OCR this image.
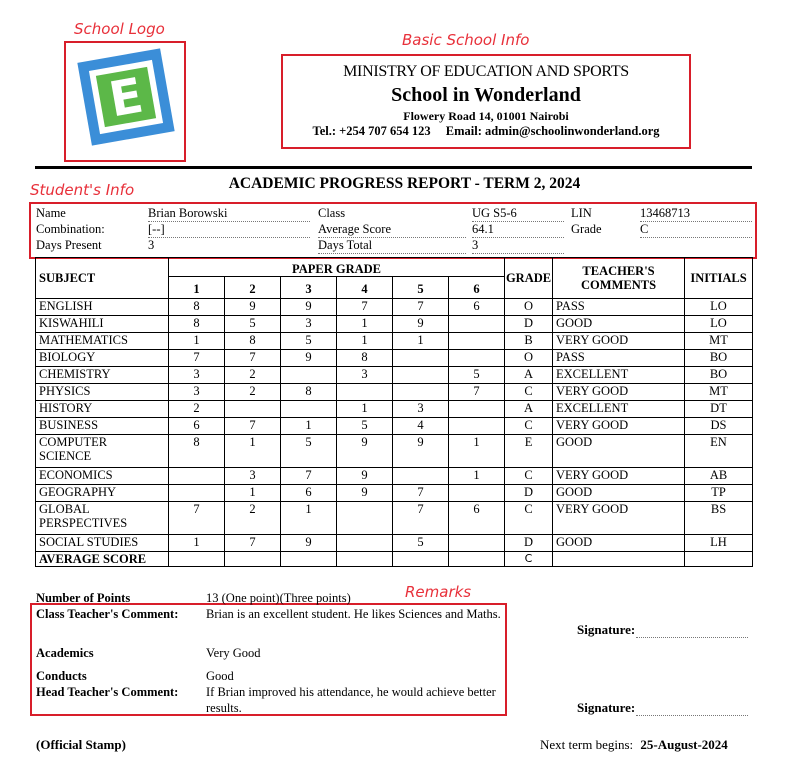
School Logo
Basic School Info
Student's Info
Remarks
E	MINISTRY OF EDUCATION AND SPORTS
School in Wonderland
Flowery Road 14, 01001 Nairobi
Tel.: +254 707 654 123 Email: admin@schoolinwonderland.org
ACADEMIC PROGRESS REPORT - TERM 2, 2024
Name	Brian Borowski
Combination:	[--]
Days Present	3
Class	UG S5-6
Average Score	64.1
Days Total	3
LIN	13468713
Grade	C
SUBJECT	PAPER GRADE						GRADE	TEACHER'S
COMMENTS	INITIALS
	1	2	3	4	5	6			

ENGLISH	8	9	9	7	7	6	O	PASS	LO

KISWAHILI	8	5	3	1	9		D	GOOD	LO

MATHEMATICS	1	8	5	1	1		B	VERY GOOD	MT

BIOLOGY	7	7	9	8			O	PASS	BO

CHEMISTRY	3	2		3		5	A	EXCELLENT	BO

PHYSICS	3	2	8			7	C	VERY GOOD	MT

HISTORY	2			1	3		A	EXCELLENT	DT

BUSINESS	6	7	1	5	4		C	VERY GOOD	DS

COMPUTER
SCIENCE	8	1	5	9	9	1	E	GOOD	EN

ECONOMICS		3	7	9		1	C	VERY GOOD	AB

GEOGRAPHY		1	6	9	7		D	GOOD	TP

GLOBAL
PERSPECTIVES	7	2	1		7	6	C	VERY GOOD	BS

SOCIAL STUDIES	1	7	9		5		D	GOOD	LH
AVERAGE SCORE							C		
Number of Points	13 (One point)(Three points)
Class Teacher's Comment: Brian is an excellent student. He likes Sciences and Maths.
Academics	Very Good
Conducts	Good
Head Teacher's Comment: If Brian improved his attendance, he would achieve better results.
Signature:
Signature:
(Official Stamp)	Next term begins: 25-August-2024
